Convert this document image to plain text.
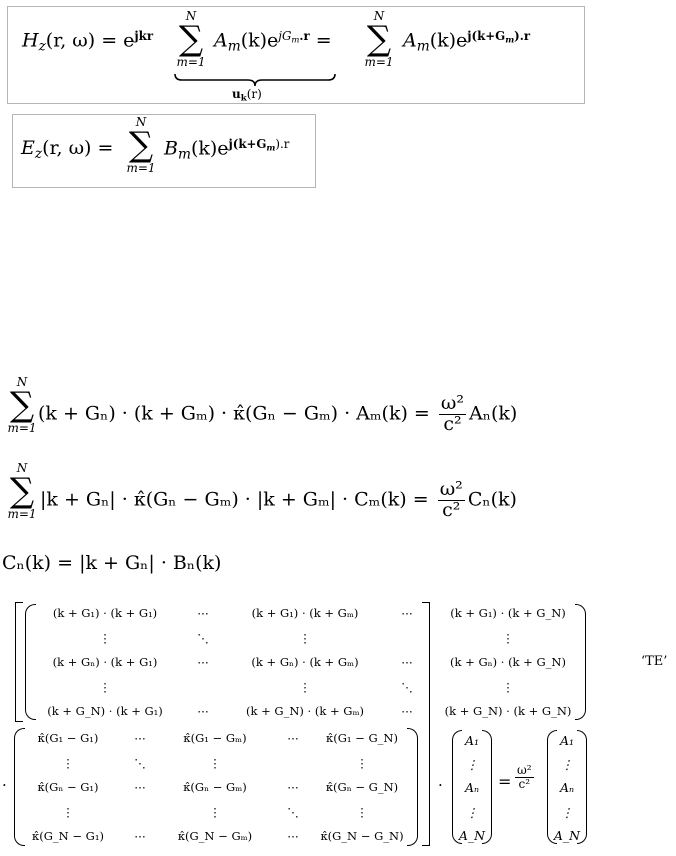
$H_z(r$, $\omega) = e^{jkr}$
N
∑
m=1
$A_m(k)e^{jG_m.r}$ =
N
∑
m=1
$A_m(k)e^{j(k+G_m).r}$
$u_k(r)$
$E_z(r$, ω) =
N
∑
m=1
$B_m(k)e^{j(k+G_m).r}$
N
∑
m=1
(k + Gₙ) · (k + Gₘ) · κ̂(Gₙ − $G_m) \cdot A_m(k) = \frac{\text{ω²}}{\text{c²}} A_n(k)$
N
∑
m=1
|k + Gₙ| · κ̂(Gₙ − $G_m) \cdot |k + G_m| \cdot C_m(k) = \frac{\text{ω²}}{\text{c²}} C_n(k)$
Cₙ(k) = |k + Gₙ| · Bₙ(k)
(k + G₁) · (k + G₁)	⋯	(k + G₁) · (k + Gₘ)	⋯	(k + G₁) · (k + G_N)
⋮	⋱	⋮	⋮
(k + Gₙ) · (k + G₁)	⋯	(k + Gₙ) · (k + Gₘ)	⋯	(k + Gₙ) · (k + G_N)
⋮	⋮	⋱	⋮
(k + G_N) · (k + G₁)	⋯	(k + G_N) · (k + Gₘ)	⋯	(k + G_N) · (k + G_N)
‘TE’
·
κ̂(G₁ − G₁)	⋯	κ̂(G₁ − Gₘ)	⋯ κ̂(G₁ − G_N)
⋮	⋱	⋮	⋮
κ̂(Gₙ − G₁)	⋯	κ̂(Gₙ − Gₘ)	⋯ κ̂(Gₙ − G_N)
⋮	⋮	⋱	⋮
κ̂(G_N − G₁)	⋯	κ̂(G_N − Gₘ)	⋯ κ̂(G_N − G_N)
·
A₁
⋮
Aₙ
⋮
A_N
= $\frac{\text{ω²}}{\text{c²}}$
A₁
⋮
Aₙ
⋮
A_N
